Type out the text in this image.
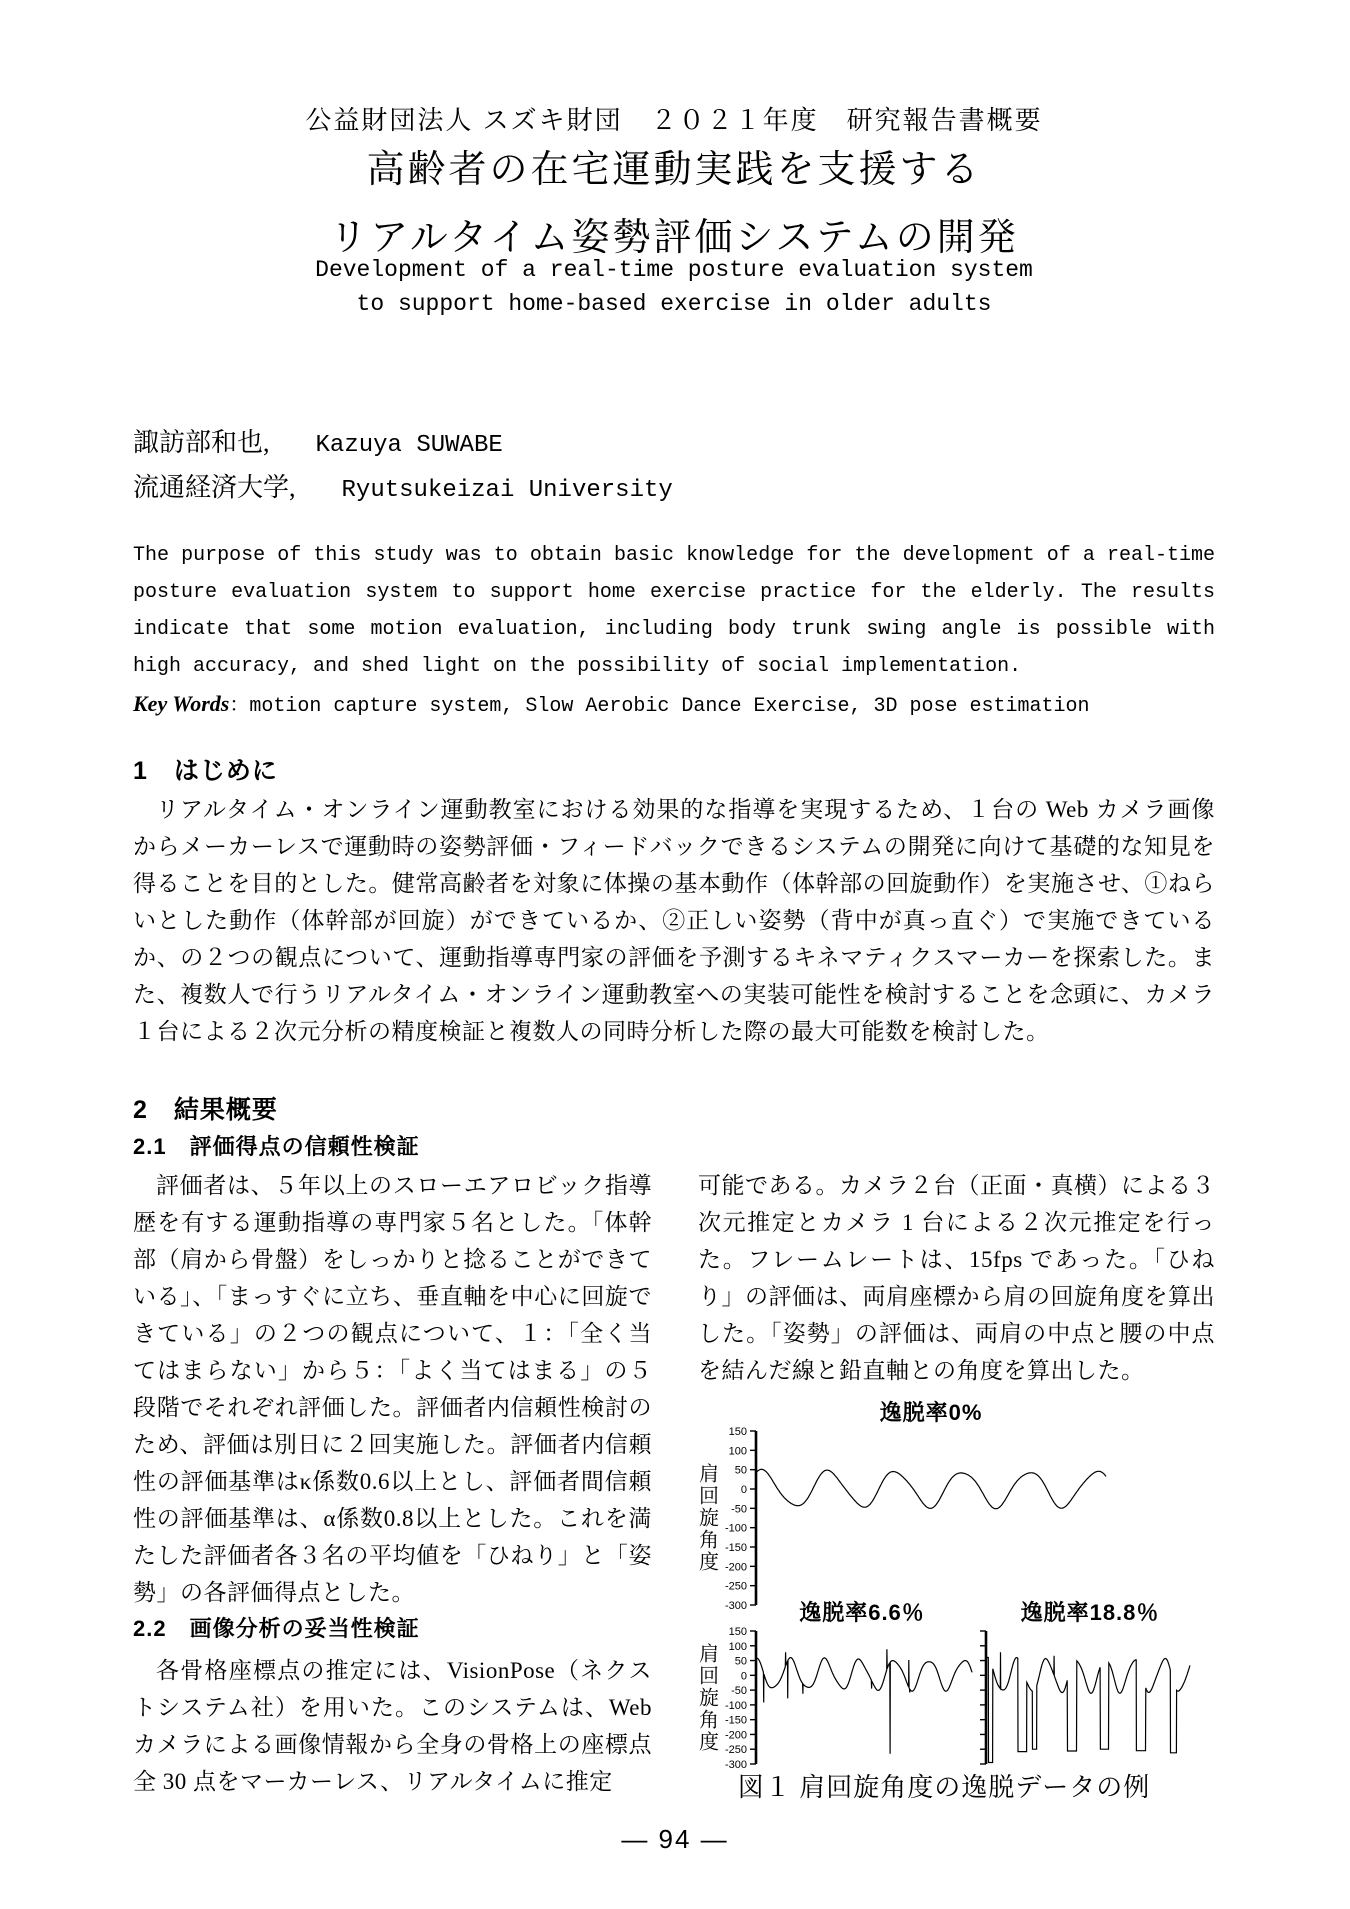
公益財団法人 スズキ財団　２０２１年度　研究報告書概要
高齢者の在宅運動実践を支援する
リアルタイム姿勢評価システムの開発
Development of a real-time posture evaluation system
to support home-based exercise in older adults
諏訪部和也, Kazuya SUWABE
流通経済大学, Ryutsukeizai University
The purpose of this study was to obtain basic knowledge for the development of a real-time posture evaluation system to support home exercise practice for the elderly. The results indicate that some motion evaluation, including body trunk swing angle is possible with high accuracy, and shed light on the possibility of social implementation.
Key Words：motion capture system, Slow Aerobic Dance Exercise, 3D pose estimation
1　はじめに
リアルタイム・オンライン運動教室における効果的な指導を実現するため、１台の Web カメラ画像からメーカーレスで運動時の姿勢評価・フィードバックできるシステムの開発に向けて基礎的な知見を得ることを目的とした。健常高齢者を対象に体操の基本動作（体幹部の回旋動作）を実施させ、①ねらいとした動作（体幹部が回旋）ができているか、②正しい姿勢（背中が真っ直ぐ）で実施できているか、の２つの観点について、運動指導専門家の評価を予測するキネマティクスマーカーを探索した。また、複数人で行うリアルタイム・オンライン運動教室への実装可能性を検討することを念頭に、カメラ１台による２次元分析の精度検証と複数人の同時分析した際の最大可能数を検討した。
2　結果概要
2.1　評価得点の信頼性検証
評価者は、５年以上のスローエアロビック指導歴を有する運動指導の専門家５名とした。「体幹部（肩から骨盤）をしっかりと捻ることができている」、「まっすぐに立ち、垂直軸を中心に回旋できている」の２つの観点について、１：「全く当てはまらない」から５：「よく当てはまる」の５段階でそれぞれ評価した。評価者内信頼性検討のため、評価は別日に２回実施した。評価者内信頼性の評価基準はκ係数0.6以上とし、評価者間信頼性の評価基準は、α係数0.8以上とした。これを満たした評価者各３名の平均値を「ひねり」と「姿勢」の各評価得点とした。
2.2　画像分析の妥当性検証
各骨格座標点の推定には、VisionPose（ネクストシステム社）を用いた。このシステムは、Web カメラによる画像情報から全身の骨格上の座標点全 30 点をマーカーレス、リアルタイムに推定
可能である。カメラ２台（正面・真横）による３次元推定とカメラ 1 台による２次元推定を行った。フレームレートは、15fps であった。「ひねり」の評価は、両肩座標から肩の回旋角度を算出した。「姿勢」の評価は、両肩の中点と腰の中点を結んだ線と鉛直軸との角度を算出した。
逸脱率0%
肩回旋角度
150
100
50
0
-50
-100
-150
-200
-250
-300	逸脱率6.6％
肩回旋角度
150
100
50
0
-50
-100
-150
-200
-250
-300
逸脱率18.8％
図１ 肩回旋角度の逸脱データの例
— 94 —
